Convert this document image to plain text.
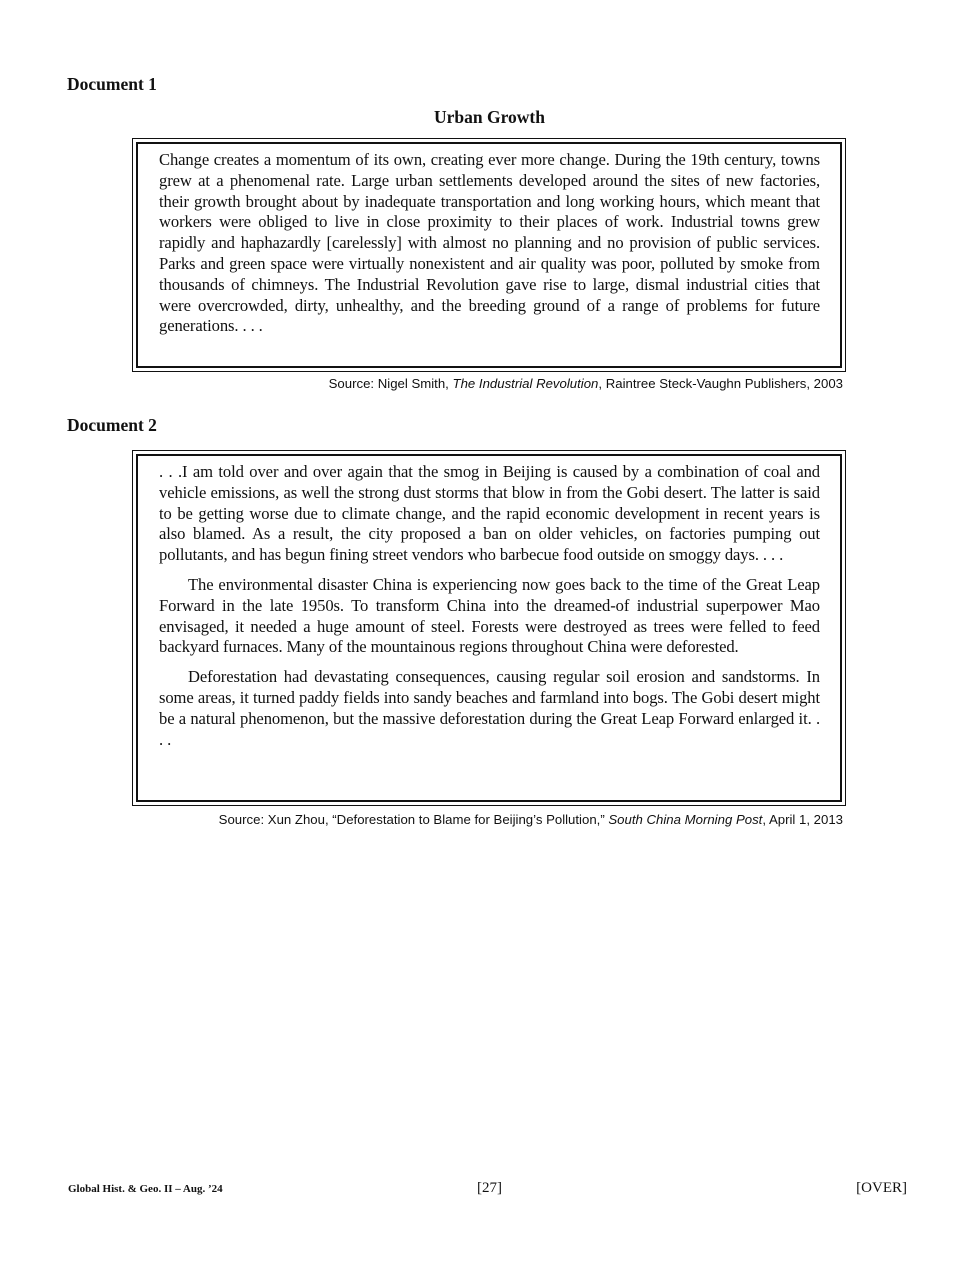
Document 1
Urban Growth

Change creates a momentum of its own, creating ever more change. During the 19th century, towns grew at a phenomenal rate. Large urban settlements developed around the sites of new factories, their growth brought about by inadequate transportation and long working hours, which meant that workers were obliged to live in close proximity to their places of work. Industrial towns grew rapidly and haphazardly [carelessly] with almost no planning and no provision of public services. Parks and green space were virtually nonexistent and air quality was poor, polluted by smoke from thousands of chimneys. The Industrial Revolution gave rise to large, dismal industrial cities that were overcrowded, dirty, unhealthy, and the breeding ground of a range of problems for future generations. . . .

Source: Nigel Smith, The Industrial Revolution, Raintree Steck-Vaughn Publishers, 2003

Document 2

. . .I am told over and over again that the smog in Beijing is caused by a combination of coal and vehicle emissions, as well the strong dust storms that blow in from the Gobi desert. The latter is said to be getting worse due to climate change, and the rapid economic development in recent years is also blamed. As a result, the city proposed a ban on older vehicles, on factories pumping out pollutants, and has begun fining street vendors who barbecue food outside on smoggy days. . . .

The environmental disaster China is experiencing now goes back to the time of the Great Leap Forward in the late 1950s. To transform China into the dreamed-of industrial superpower Mao envisaged, it needed a huge amount of steel. Forests were destroyed as trees were felled to feed backyard furnaces. Many of the mountainous regions throughout China were deforested.

Deforestation had devastating consequences, causing regular soil erosion and sandstorms. In some areas, it turned paddy fields into sandy beaches and farmland into bogs. The Gobi desert might be a natural phenomenon, but the massive deforestation during the Great Leap Forward enlarged it. . . .

Source: Xun Zhou, “Deforestation to Blame for Beijing’s Pollution,” South China Morning Post, April 1, 2013

Global Hist. & Geo. II – Aug. ’24	[27]	[OVER]
